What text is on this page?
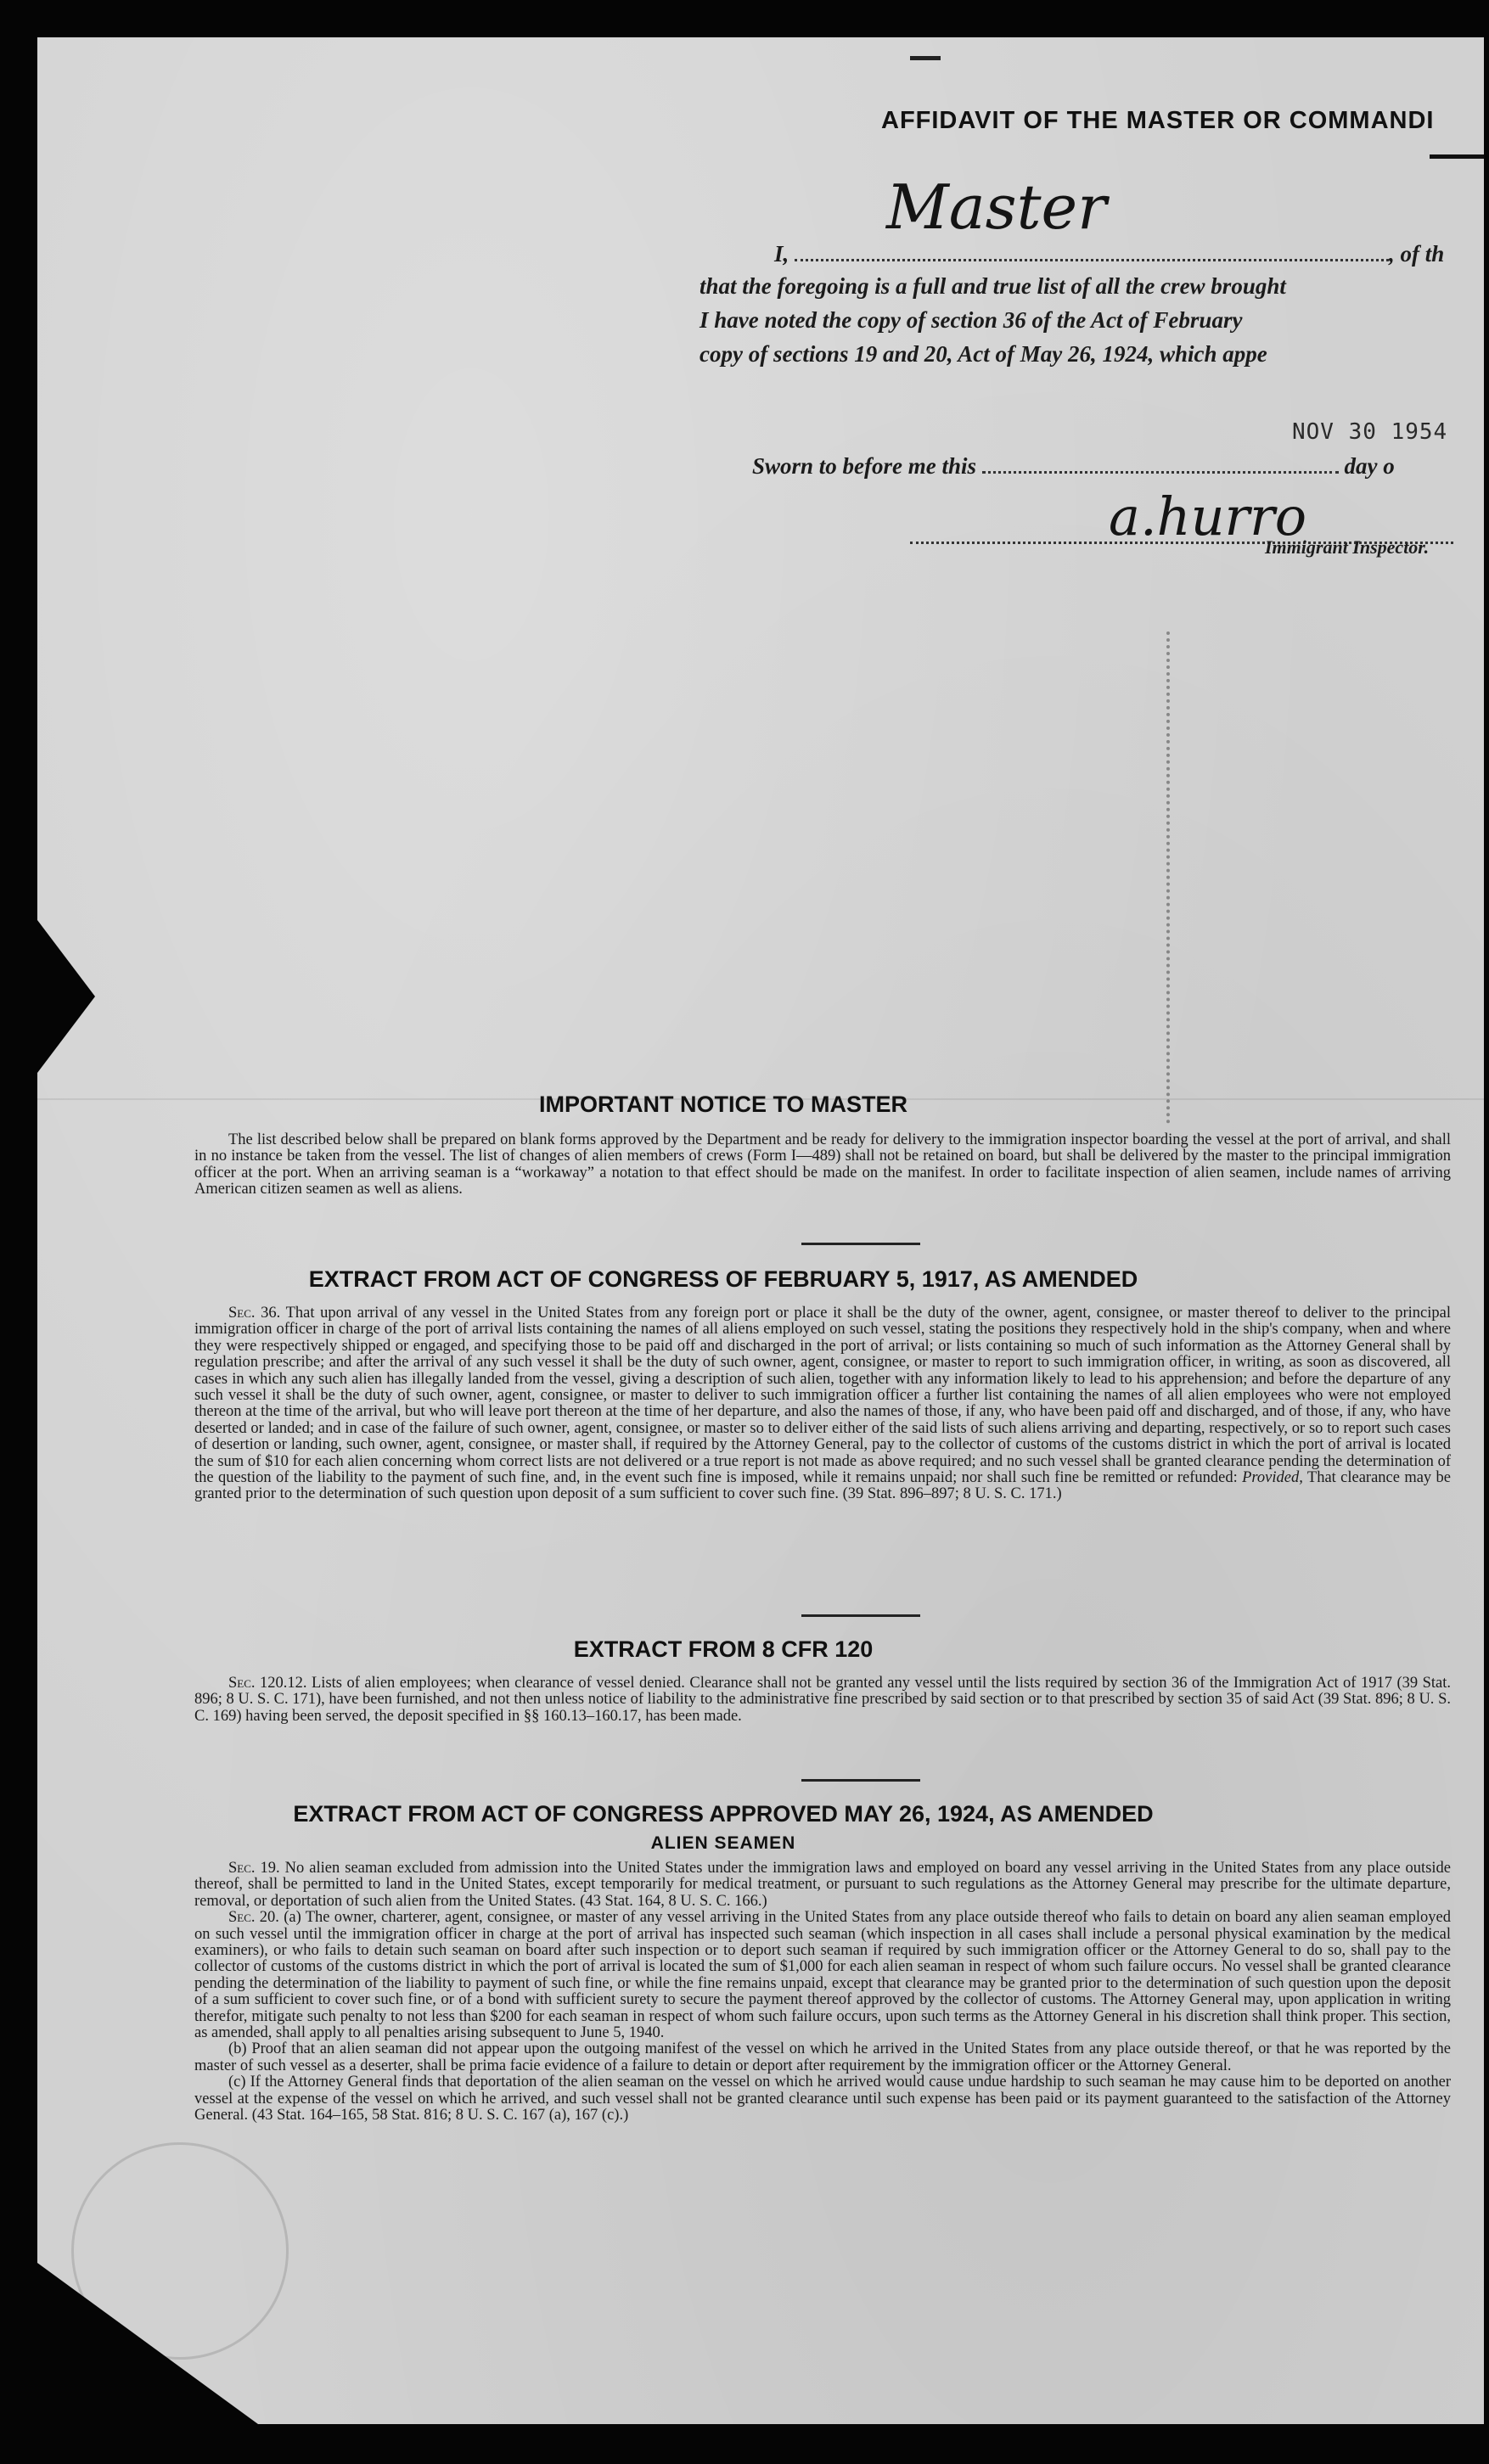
AFFIDAVIT OF THE MASTER OR COMMANDI
I,	, of th
Master
that the foregoing is a full and true list of all the crew brought
I have noted the copy of section 36 of the Act of February
copy of sections 19 and 20, Act of May 26, 1924, which appe
NOV 30 1954
Sworn to before me this	day o
a.hurro
Immigrant Inspector.
IMPORTANT NOTICE TO MASTER

The list described below shall be prepared on blank forms approved by the Department and be ready for delivery to the immigration inspector boarding the vessel at the port of arrival, and shall in no instance be taken from the vessel. The list of changes of alien members of crews (Form I—489) shall not be retained on board, but shall be delivered by the master to the principal immigration officer at the port. When an arriving seaman is a “workaway” a notation to that effect should be made on the manifest. In order to facilitate inspection of alien seamen, include names of arriving American citizen seamen as well as aliens.

EXTRACT FROM ACT OF CONGRESS OF FEBRUARY 5, 1917, AS AMENDED

Sec. 36. That upon arrival of any vessel in the United States from any foreign port or place it shall be the duty of the owner, agent, consignee, or master thereof to deliver to the principal immigration officer in charge of the port of arrival lists containing the names of all aliens employed on such vessel, stating the positions they respectively hold in the ship's company, when and where they were respectively shipped or engaged, and specifying those to be paid off and discharged in the port of arrival; or lists containing so much of such information as the Attorney General shall by regulation prescribe; and after the arrival of any such vessel it shall be the duty of such owner, agent, consignee, or master to report to such immigration officer, in writing, as soon as discovered, all cases in which any such alien has illegally landed from the vessel, giving a description of such alien, together with any information likely to lead to his apprehension; and before the departure of any such vessel it shall be the duty of such owner, agent, consignee, or master to deliver to such immigration officer a further list containing the names of all alien employees who were not employed thereon at the time of the arrival, but who will leave port thereon at the time of her departure, and also the names of those, if any, who have been paid off and discharged, and of those, if any, who have deserted or landed; and in case of the failure of such owner, agent, consignee, or master so to deliver either of the said lists of such aliens arriving and departing, respectively, or so to report such cases of desertion or landing, such owner, agent, consignee, or master shall, if required by the Attorney General, pay to the collector of customs of the customs district in which the port of arrival is located the sum of $10 for each alien concerning whom correct lists are not delivered or a true report is not made as above required; and no such vessel shall be granted clearance pending the determination of the question of the liability to the payment of such fine, and, in the event such fine is imposed, while it remains unpaid; nor shall such fine be remitted or refunded: Provided, That clearance may be granted prior to the determination of such question upon deposit of a sum sufficient to cover such fine. (39 Stat. 896–897; 8 U. S. C. 171.)

EXTRACT FROM 8 CFR 120

Sec. 120.12. Lists of alien employees; when clearance of vessel denied. Clearance shall not be granted any vessel until the lists required by section 36 of the Immigration Act of 1917 (39 Stat. 896; 8 U. S. C. 171), have been furnished, and not then unless notice of liability to the administrative fine prescribed by said section or to that prescribed by section 35 of said Act (39 Stat. 896; 8 U. S. C. 169) having been served, the deposit specified in §§ 160.13–160.17, has been made.

EXTRACT FROM ACT OF CONGRESS APPROVED MAY 26, 1924, AS AMENDED
ALIEN SEAMEN

Sec. 19. No alien seaman excluded from admission into the United States under the immigration laws and employed on board any vessel arriving in the United States from any place outside thereof, shall be permitted to land in the United States, except temporarily for medical treatment, or pursuant to such regulations as the Attorney General may prescribe for the ultimate departure, removal, or deportation of such alien from the United States. (43 Stat. 164, 8 U. S. C. 166.)

Sec. 20. (a) The owner, charterer, agent, consignee, or master of any vessel arriving in the United States from any place outside thereof who fails to detain on board any alien seaman employed on such vessel until the immigration officer in charge at the port of arrival has inspected such seaman (which inspection in all cases shall include a personal physical examination by the medical examiners), or who fails to detain such seaman on board after such inspection or to deport such seaman if required by such immigration officer or the Attorney General to do so, shall pay to the collector of customs of the customs district in which the port of arrival is located the sum of $1,000 for each alien seaman in respect of whom such failure occurs. No vessel shall be granted clearance pending the determination of the liability to payment of such fine, or while the fine remains unpaid, except that clearance may be granted prior to the determination of such question upon the deposit of a sum sufficient to cover such fine, or of a bond with sufficient surety to secure the payment thereof approved by the collector of customs. The Attorney General may, upon application in writing therefor, mitigate such penalty to not less than $200 for each seaman in respect of whom such failure occurs, upon such terms as the Attorney General in his discretion shall think proper. This section, as amended, shall apply to all penalties arising subsequent to June 5, 1940.

(b) Proof that an alien seaman did not appear upon the outgoing manifest of the vessel on which he arrived in the United States from any place outside thereof, or that he was reported by the master of such vessel as a deserter, shall be prima facie evidence of a failure to detain or deport after requirement by the immigration officer or the Attorney General.

(c) If the Attorney General finds that deportation of the alien seaman on the vessel on which he arrived would cause undue hardship to such seaman he may cause him to be deported on another vessel at the expense of the vessel on which he arrived, and such vessel shall not be granted clearance until such expense has been paid or its payment guaranteed to the satisfaction of the Attorney General. (43 Stat. 164–165, 58 Stat. 816; 8 U. S. C. 167 (a), 167 (c).)
